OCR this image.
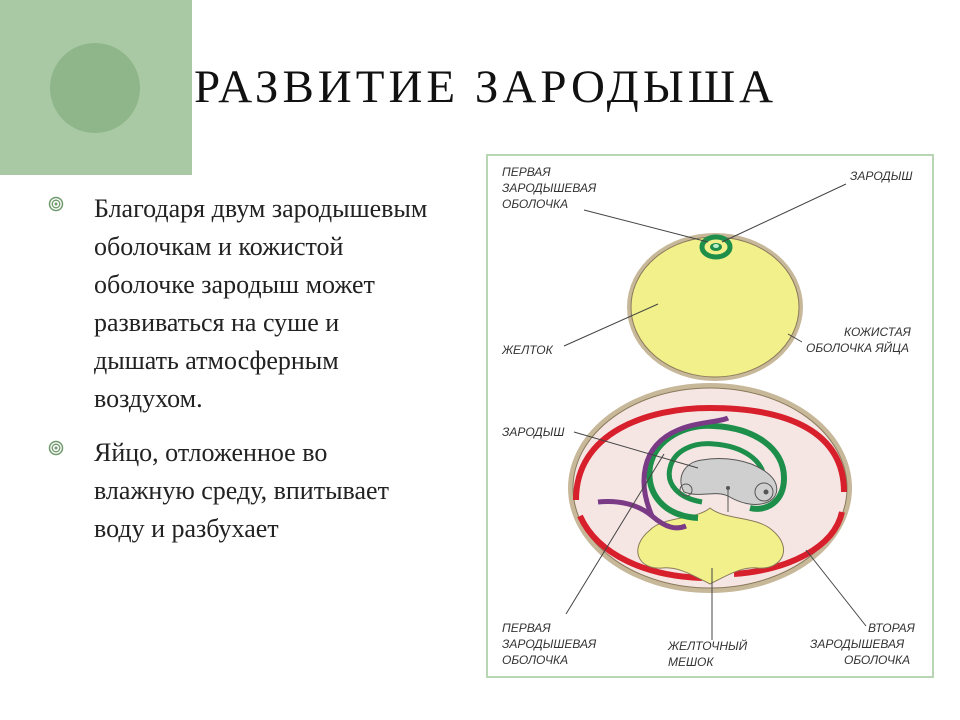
РАЗВИТИЕ ЗАРОДЫША
Благодаря двум зародышевым оболочкам и кожистой оболочке зародыш может развиваться на суше и дышать атмосферным воздухом.
Яйцо, отложенное во влажную среду, впитывает воду и разбухает
ПЕРВАЯ
ЗАРОДЫШЕВАЯ
ОБОЛОЧКА
ЗАРОДЫШ
ЖЕЛТОК
КОЖИСТАЯ
ОБОЛОЧКА ЯЙЦА
ЗАРОДЫШ
ПЕРВАЯ
ЗАРОДЫШЕВАЯ
ОБОЛОЧКА
ЖЕЛТОЧНЫЙ
МЕШОК
ВТОРАЯ
ЗАРОДЫШЕВАЯ
ОБОЛОЧКА
